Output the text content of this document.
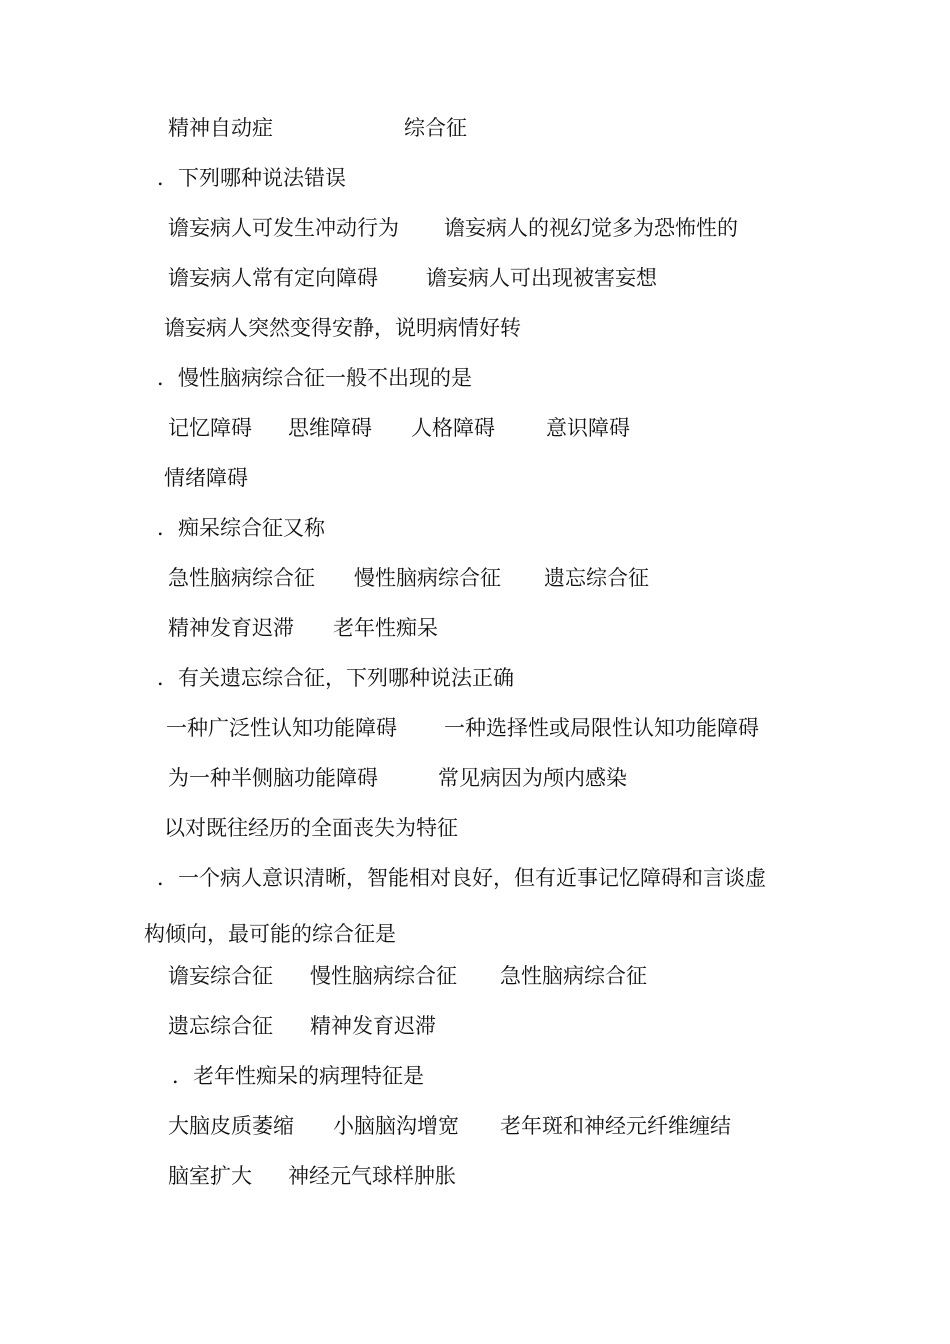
精神自动症	综合征
．下列哪种说法错误
谵妄病人可发生冲动行为 谵妄病人的视幻觉多为恐怖性的
谵妄病人常有定向障碍 谵妄病人可出现被害妄想
谵妄病人突然变得安静，说明病情好转
．慢性脑病综合征一般不出现的是
记忆障碍 思维障碍 人格障碍 意识障碍
情绪障碍
．痴呆综合征又称
急性脑病综合征 慢性脑病综合征 遗忘综合征
精神发育迟滞 老年性痴呆
．有关遗忘综合征，下列哪种说法正确
一种广泛性认知功能障碍 一种选择性或局限性认知功能障碍
为一种半侧脑功能障碍	常见病因为颅内感染
以对既往经历的全面丧失为特征
．一个病人意识清晰，智能相对良好，但有近事记忆障碍和言谈虚
构倾向，最可能的综合征是
谵妄综合征 慢性脑病综合征 急性脑病综合征
遗忘综合征 精神发育迟滞
．老年性痴呆的病理特征是
大脑皮质萎缩 小脑脑沟增宽 老年斑和神经元纤维缠结
脑室扩大 神经元气球样肿胀
